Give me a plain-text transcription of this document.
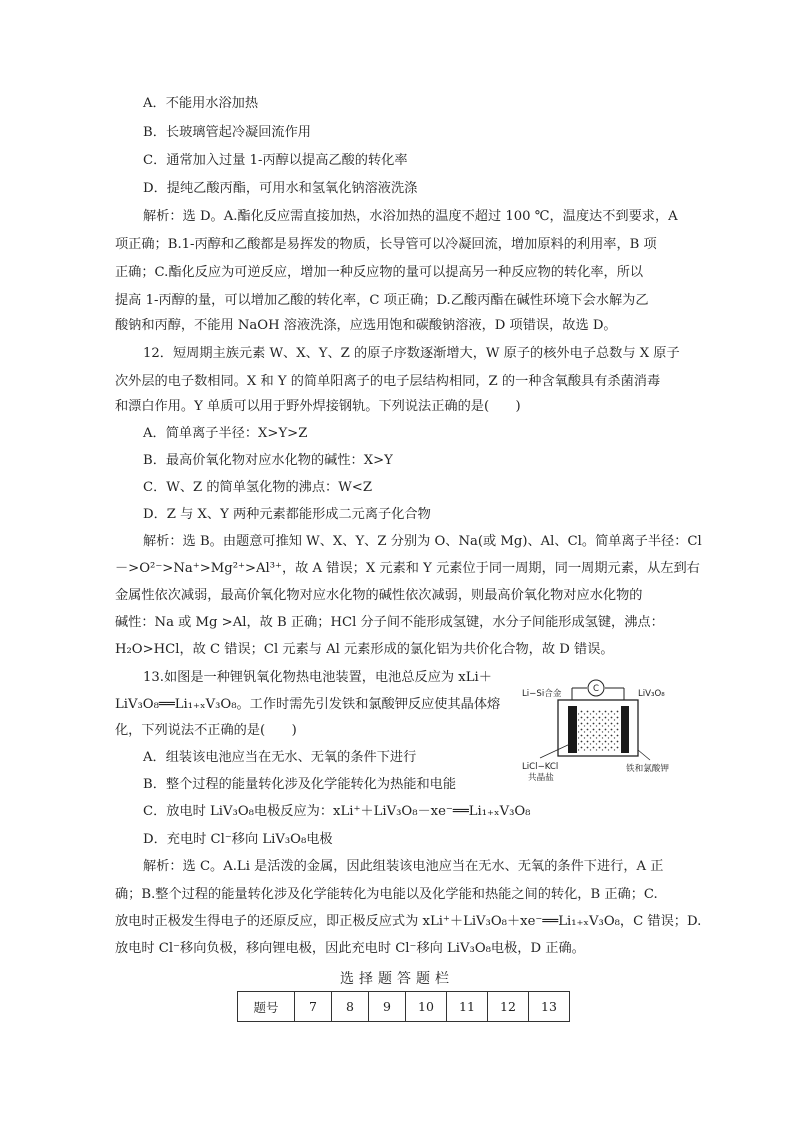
A．不能用水浴加热
B．长玻璃管起冷凝回流作用
C．通常加入过量 1-丙醇以提高乙酸的转化率
D．提纯乙酸丙酯，可用水和氢氧化钠溶液洗涤
解析：选 D。A.酯化反应需直接加热，水浴加热的温度不超过 100 ℃，温度达不到要求，A
项正确；B.1-丙醇和乙酸都是易挥发的物质，长导管可以冷凝回流，增加原料的利用率，B 项
正确；C.酯化反应为可逆反应，增加一种反应物的量可以提高另一种反应物的转化率，所以
提高 1-丙醇的量，可以增加乙酸的转化率，C 项正确；D.乙酸丙酯在碱性环境下会水解为乙
酸钠和丙醇，不能用 NaOH 溶液洗涤，应选用饱和碳酸钠溶液，D 项错误，故选 D。
12．短周期主族元素 W、X、Y、Z 的原子序数逐渐增大，W 原子的核外电子总数与 X 原子
次外层的电子数相同。X 和 Y 的简单阳离子的电子层结构相同，Z 的一种含氧酸具有杀菌消毒
和漂白作用。Y 单质可以用于野外焊接钢轨。下列说法正确的是(　　)
A．简单离子半径：X>Y>Z
B．最高价氧化物对应水化物的碱性：X>Y
C．W、Z 的简单氢化物的沸点：W<Z
D．Z 与 X、Y 两种元素都能形成二元离子化合物
解析：选 B。由题意可推知 W、X、Y、Z 分别为 O、Na(或 Mg)、Al、Cl。简单离子半径：Cl
－>O²⁻>Na⁺>Mg²⁺>Al³⁺，故 A 错误；X 元素和 Y 元素位于同一周期，同一周期元素，从左到右
金属性依次减弱，最高价氧化物对应水化物的碱性依次减弱，则最高价氧化物对应水化物的
碱性：Na 或 Mg >Al，故 B 正确；HCl 分子间不能形成氢键，水分子间能形成氢键，沸点：
H₂O>HCl，故 C 错误；Cl 元素与 Al 元素形成的氯化铝为共价化合物，故 D 错误。
13.如图是一种锂钒氧化物热电池装置，电池总反应为 xLi＋
LiV₃O₈══Li₁₊ₓV₃O₈。工作时需先引发铁和氯酸钾反应使其晶体熔
化，下列说法不正确的是(　　)
C
Li−Si合金	LiV₃O₈
LiCl−KCl
共晶盐
铁和氯酸钾
A．组装该电池应当在无水、无氧的条件下进行
B．整个过程的能量转化涉及化学能转化为热能和电能
C．放电时 LiV₃O₈电极反应为：xLi⁺＋LiV₃O₈－xe⁻══Li₁₊ₓV₃O₈
D．充电时 Cl⁻移向 LiV₃O₈电极
解析：选 C。A.Li 是活泼的金属，因此组装该电池应当在无水、无氧的条件下进行，A 正
确；B.整个过程的能量转化涉及化学能转化为电能以及化学能和热能之间的转化，B 正确；C.
放电时正极发生得电子的还原反应，即正极反应式为 xLi⁺＋LiV₃O₈＋xe⁻══Li₁₊ₓV₃O₈，C 错误；D.
放电时 Cl⁻移向负极，移向锂电极，因此充电时 Cl⁻移向 LiV₃O₈电极，D 正确。
选择题答题栏
题号	7	8	9	10	11	12	13
